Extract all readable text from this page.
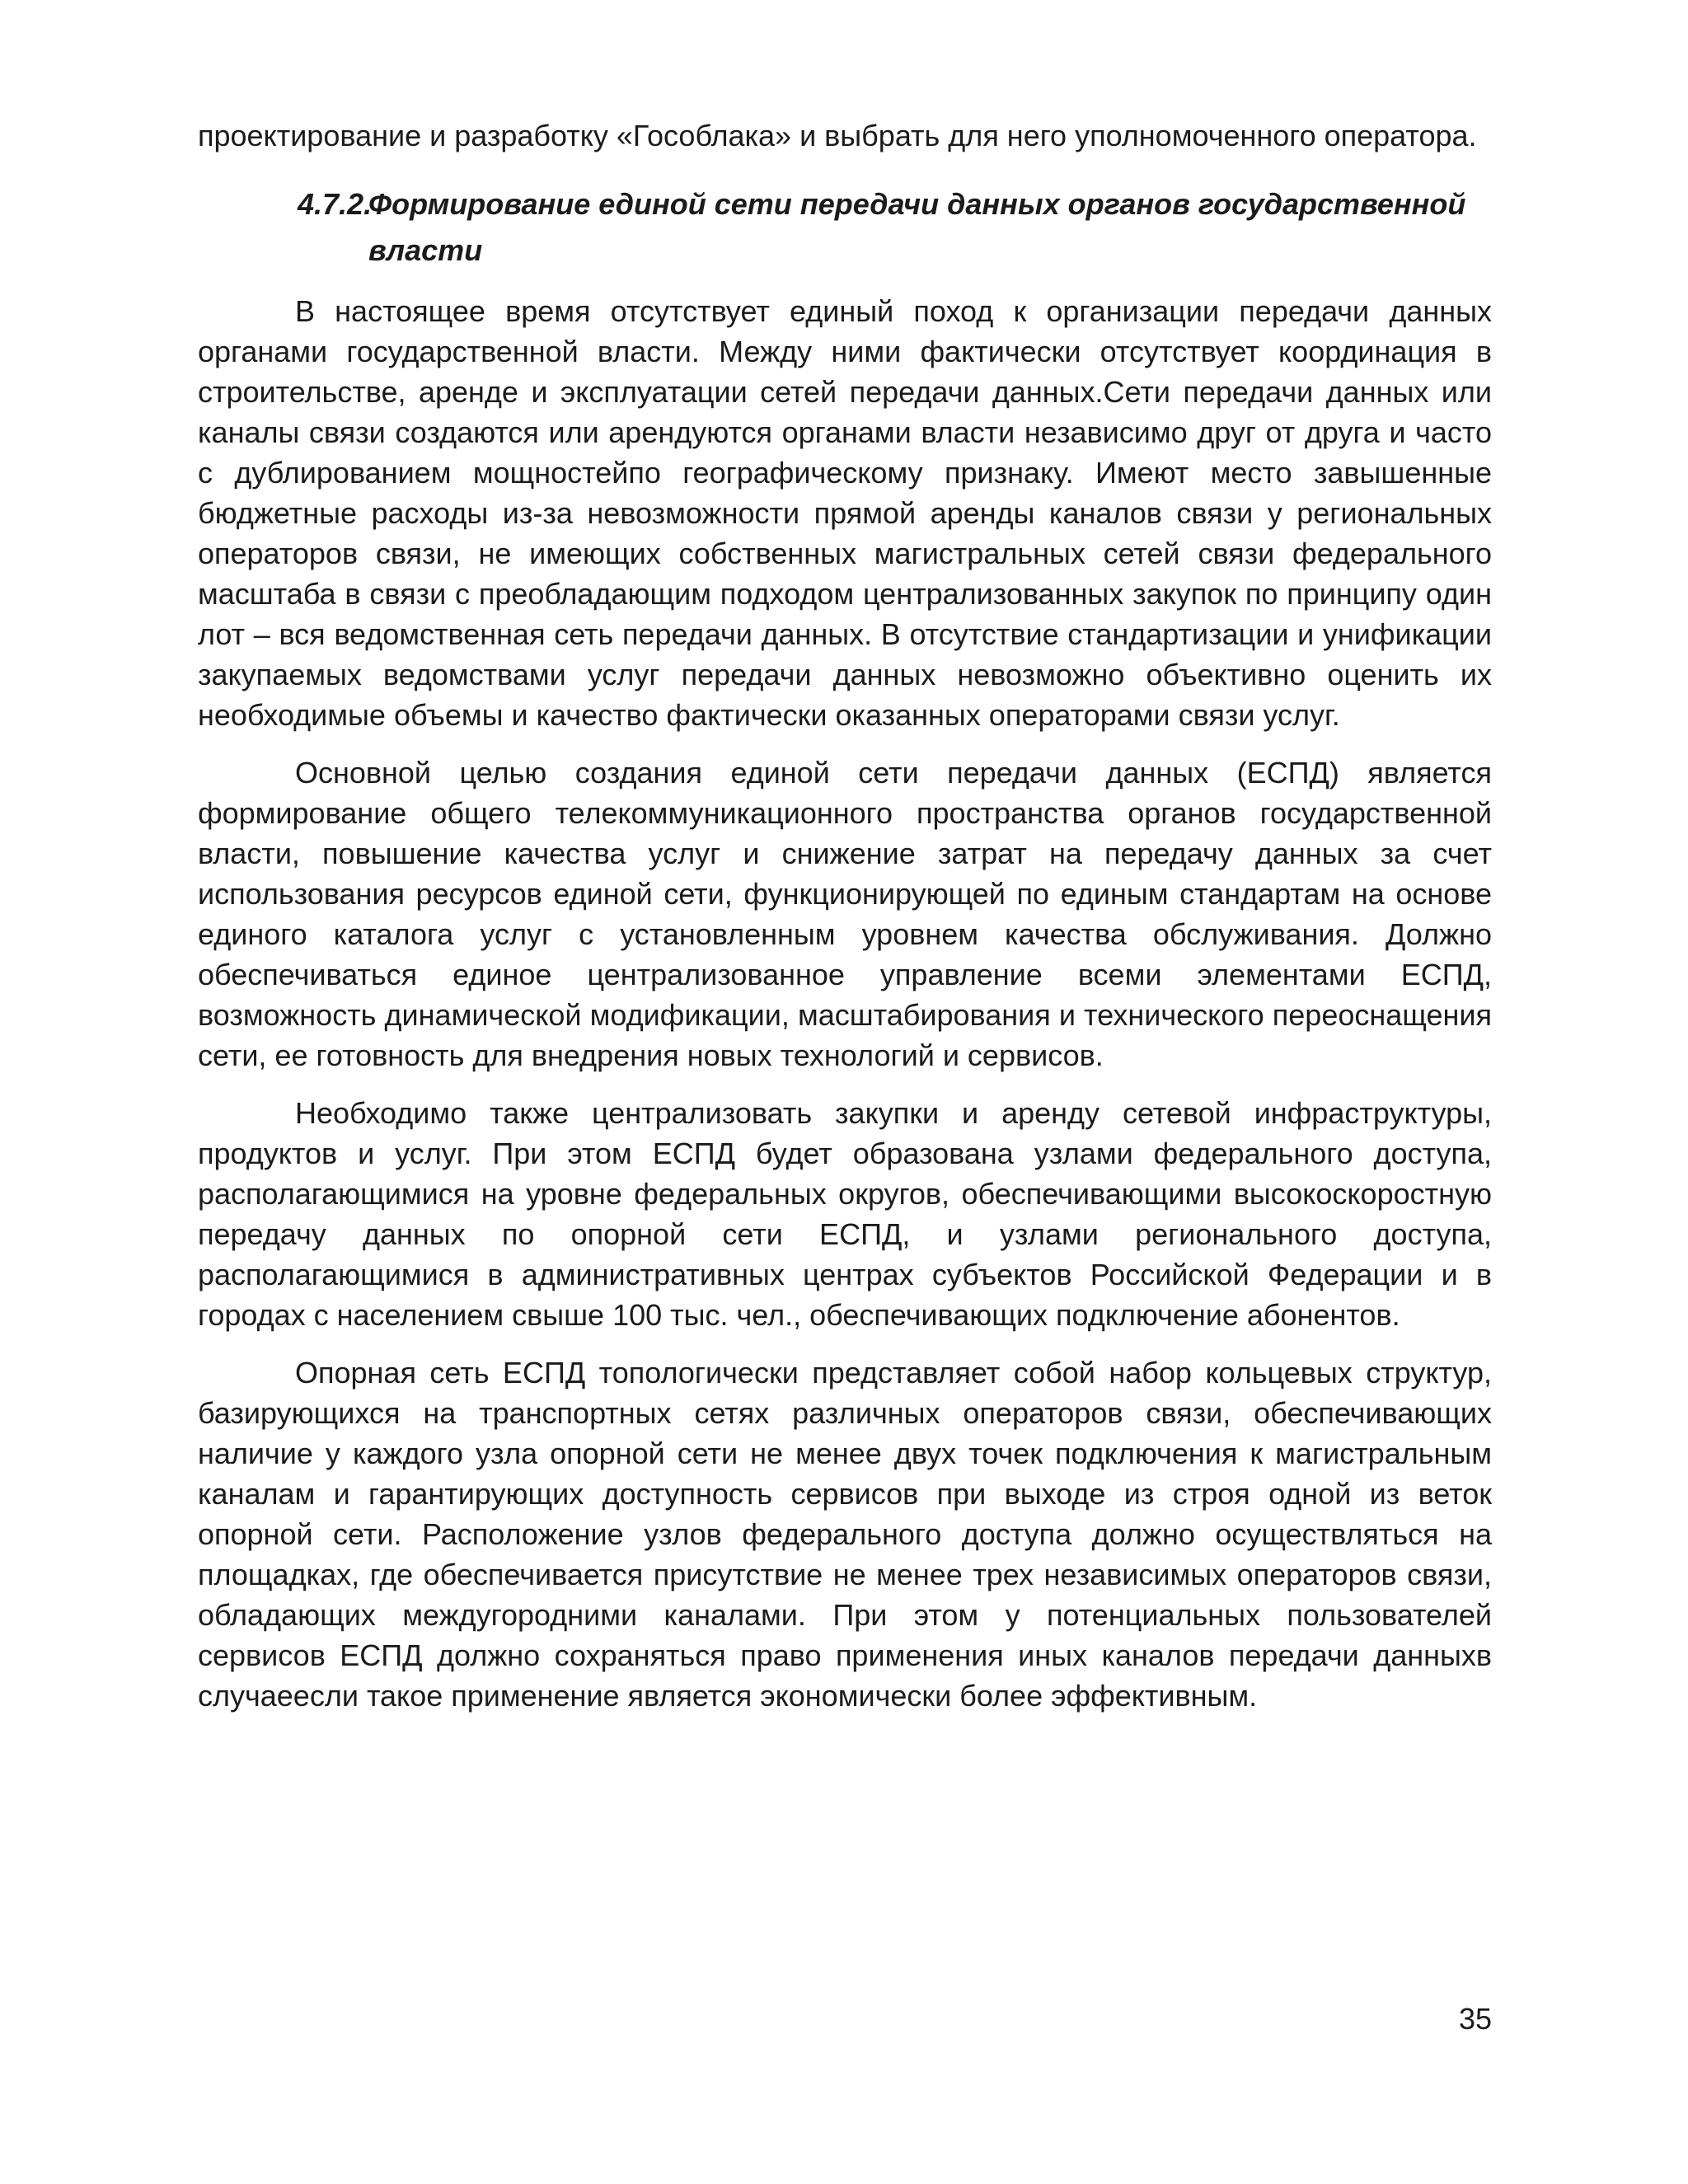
проектирование и разработку «Гособлака» и выбрать для него уполномоченного оператора.

4.7.2.Формирование единой сети передачи данных органов государственной
власти

В настоящее время отсутствует единый поход к организации передачи данных органами государственной власти. Между ними фактически отсутствует координация в строительстве, аренде и эксплуатации сетей передачи данных.Сети передачи данных или каналы связи создаются или арендуются органами власти независимо друг от друга и часто с дублированием мощностейпо географическому признаку. Имеют место завышенные бюджетные расходы из-за невозможности прямой аренды каналов связи у региональных операторов связи, не имеющих собственных магистральных сетей связи федерального масштаба в связи с преобладающим подходом централизованных закупок по принципу один лот – вся ведомственная сеть передачи данных. В отсутствие стандартизации и унификации закупаемых ведомствами услуг передачи данных невозможно объективно оценить их необходимые объемы и качество фактически оказанных операторами связи услуг.

Основной целью создания единой сети передачи данных (ЕСПД) является формирование общего телекоммуникационного пространства органов государственной власти, повышение качества услуг и снижение затрат на передачу данных за счет использования ресурсов единой сети, функционирующей по единым стандартам на основе единого каталога услуг с установленным уровнем качества обслуживания. Должно обеспечиваться единое централизованное управление всеми элементами ЕСПД, возможность динамической модификации, масштабирования и технического переоснащения сети, ее готовность для внедрения новых технологий и сервисов.

Необходимо также централизовать закупки и аренду сетевой инфраструктуры, продуктов и услуг. При этом ЕСПД будет образована узлами федерального доступа, располагающимися на уровне федеральных округов, обеспечивающими высокоскоростную передачу данных по опорной сети ЕСПД, и узлами регионального доступа, располагающимися в административных центрах субъектов Российской Федерации и в городах с населением свыше 100 тыс. чел., обеспечивающих подключение абонентов.

Опорная сеть ЕСПД топологически представляет собой набор кольцевых структур, базирующихся на транспортных сетях различных операторов связи, обеспечивающих наличие у каждого узла опорной сети не менее двух точек подключения к магистральным каналам и гарантирующих доступность сервисов при выходе из строя одной из веток опорной сети. Расположение узлов федерального доступа должно осуществляться на площадках, где обеспечивается присутствие не менее трех независимых операторов связи, обладающих междугородними каналами. При этом у потенциальных пользователей сервисов ЕСПД должно сохраняться право применения иных каналов передачи данныхв случаеесли такое применение является экономически более эффективным.

35
